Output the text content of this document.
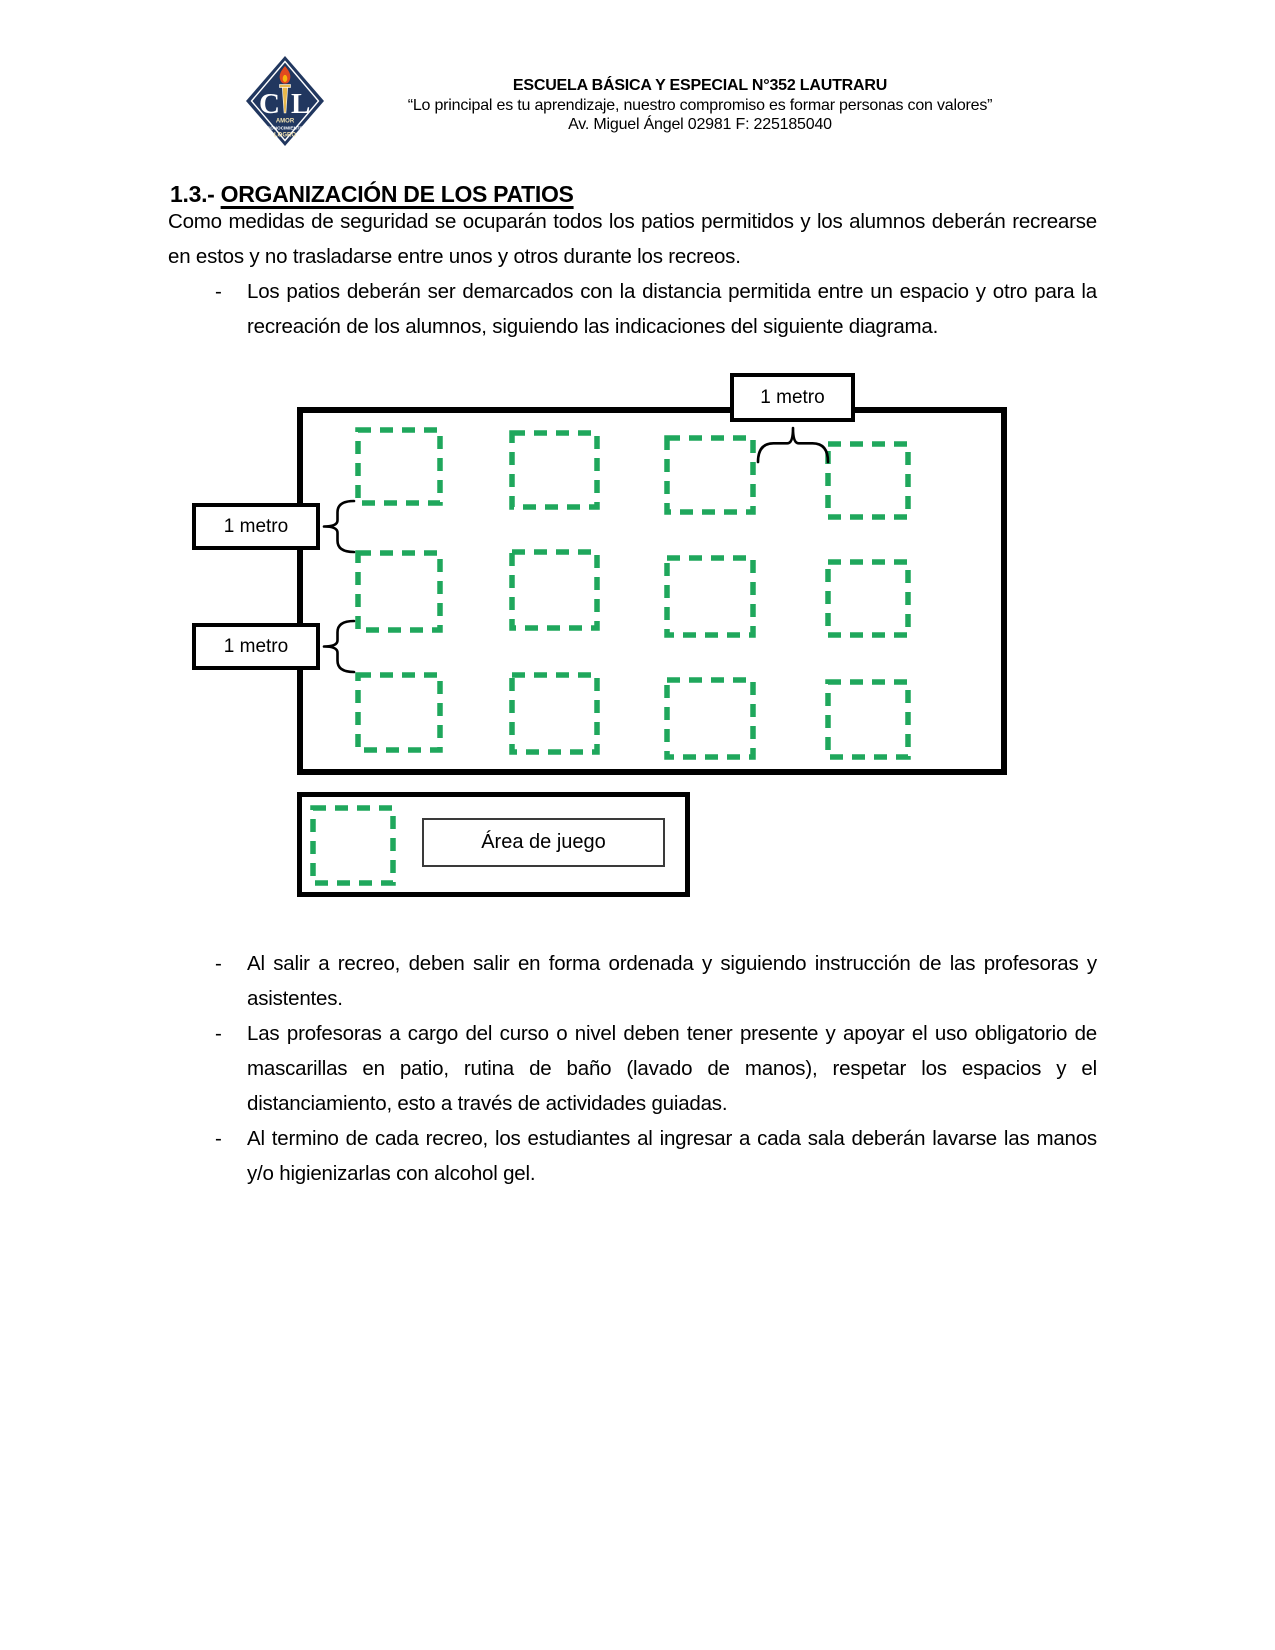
C L
AMOR
CONOCIMIENTO
LOGRO
ESCUELA BÁSICA Y ESPECIAL N°352 LAUTRARU
“Lo principal es tu aprendizaje, nuestro compromiso es formar personas con valores”
Av. Miguel Ángel 02981 F: 225185040
1.3.- ORGANIZACIÓN DE LOS PATIOS
Como medidas de seguridad se ocuparán todos los patios permitidos y los alumnos deberán recrearse en estos y no trasladarse entre unos y otros durante los recreos.
- Los patios deberán ser demarcados con la distancia permitida entre un espacio y otro para la recreación de los alumnos, siguiendo las indicaciones del siguiente diagrama.
1 metro
1 metro
1 metro
Área de juego
- Al salir a recreo, deben salir en forma ordenada y siguiendo instrucción de las profesoras y asistentes.
- Las profesoras a cargo del curso o nivel deben tener presente y apoyar el uso obligatorio de mascarillas en patio, rutina de baño (lavado de manos), respetar los espacios y el distanciamiento, esto a través de actividades guiadas.
- Al termino de cada recreo, los estudiantes al ingresar a cada sala deberán lavarse las manos y/o higienizarlas con alcohol gel.
